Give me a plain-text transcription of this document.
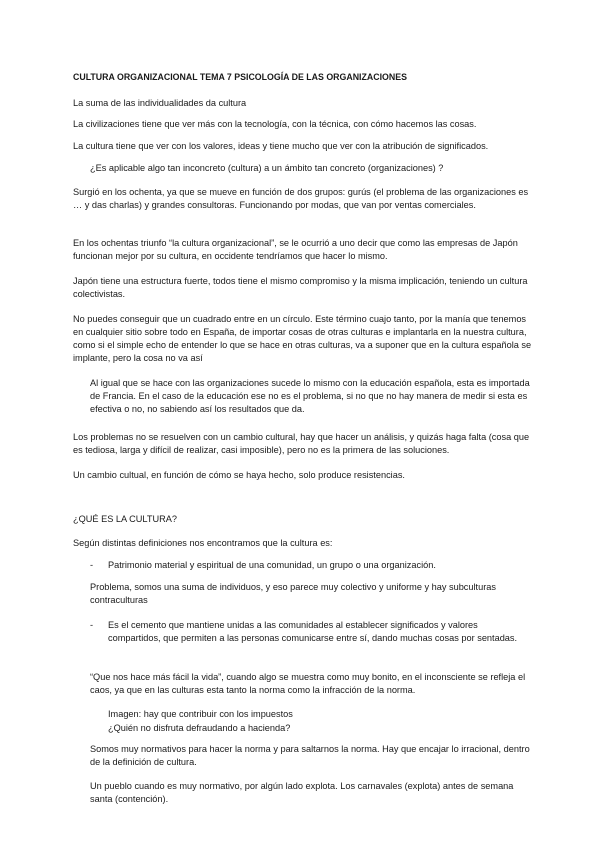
CULTURA ORGANIZACIONAL TEMA 7 PSICOLOGÍA DE LAS ORGANIZACIONES

La suma de las individualidades da cultura

La civilizaciones tiene que ver más con la tecnología, con la técnica, con cómo hacemos las cosas.

La cultura tiene que ver con los valores, ideas y tiene mucho que ver con la atribución de significados.

¿Es aplicable algo tan inconcreto (cultura) a un ámbito tan concreto (organizaciones) ?

Surgió en los ochenta, ya que se mueve en función de dos grupos: gurús (el problema de las organizaciones es … y das charlas) y grandes consultoras. Funcionando por modas, que van por ventas comerciales.

En los ochentas triunfo “la cultura organizacional”, se le ocurrió a uno decir que como las empresas de Japón funcionan mejor por su cultura, en occidente tendríamos que hacer lo mismo.

Japón tiene una estructura fuerte, todos tiene el mismo compromiso y la misma implicación, teniendo un cultura colectivistas.

No puedes conseguir que un cuadrado entre en un círculo. Este término cuajo tanto, por la manía que tenemos en cualquier sitio sobre todo en España, de importar cosas de otras culturas e implantarla en la nuestra cultura, como si el simple echo de entender lo que se hace en otras culturas, va a suponer que en la cultura española se implante, pero la cosa no va así

Al igual que se hace con las organizaciones sucede lo mismo con la educación española, esta es importada de Francia. En el caso de la educación ese no es el problema, si no que no hay manera de medir si esta es efectiva o no, no sabiendo así los resultados que da.

Los problemas no se resuelven con un cambio cultural, hay que hacer un análisis, y quizás haga falta (cosa que es tediosa, larga y difícil de realizar, casi imposible), pero no es la primera de las soluciones.

Un cambio cultual, en función de cómo se haya hecho, solo produce resistencias.

¿QUÉ ES LA CULTURA?

Según distintas definiciones nos encontramos que la cultura es:

- Patrimonio material y espiritual de una comunidad, un grupo o una organización.

Problema, somos una suma de individuos, y eso parece muy colectivo y uniforme y hay subculturas contraculturas

- Es el cemento que mantiene unidas a las comunidades al establecer significados y valores compartidos, que permiten a las personas comunicarse entre sí, dando muchas cosas por sentadas.

“Que nos hace más fácil la vida”, cuando algo se muestra como muy bonito, en el inconsciente se refleja el caos, ya que en las culturas esta tanto la norma como la infracción de la norma.

Imagen: hay que contribuir con los impuestos

¿Quién no disfruta defraudando a hacienda?

Somos muy normativos para hacer la norma y para saltarnos la norma. Hay que encajar lo irracional, dentro de la definición de cultura.

Un pueblo cuando es muy normativo, por algún lado explota. Los carnavales (explota) antes de semana santa (contención).
